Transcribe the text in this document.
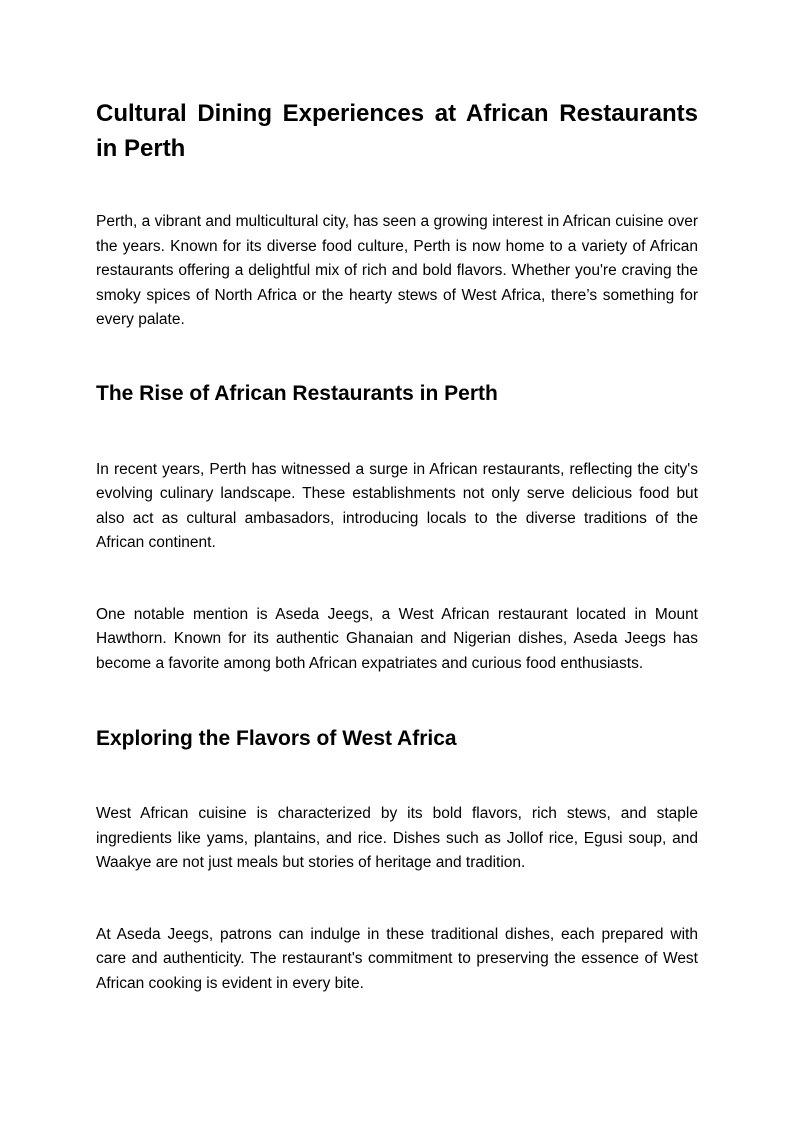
Cultural Dining Experiences at African Restaurants in Perth

Perth, a vibrant and multicultural city, has seen a growing interest in African cuisine over the years. Known for its diverse food culture, Perth is now home to a variety of African restaurants offering a delightful mix of rich and bold flavors. Whether you're craving the smoky spices of North Africa or the hearty stews of West Africa, there’s something for every palate.

The Rise of African Restaurants in Perth

In recent years, Perth has witnessed a surge in African restaurants, reflecting the city's evolving culinary landscape. These establishments not only serve delicious food but also act as cultural ambasadors, introducing locals to the diverse traditions of the African continent.

One notable mention is Aseda Jeegs, a West African restaurant located in Mount Hawthorn. Known for its authentic Ghanaian and Nigerian dishes, Aseda Jeegs has become a favorite among both African expatriates and curious food enthusiasts.

Exploring the Flavors of West Africa

West African cuisine is characterized by its bold flavors, rich stews, and staple ingredients like yams, plantains, and rice. Dishes such as Jollof rice, Egusi soup, and Waakye are not just meals but stories of heritage and tradition.

At Aseda Jeegs, patrons can indulge in these traditional dishes, each prepared with care and authenticity. The restaurant's commitment to preserving the essence of West African cooking is evident in every bite.
